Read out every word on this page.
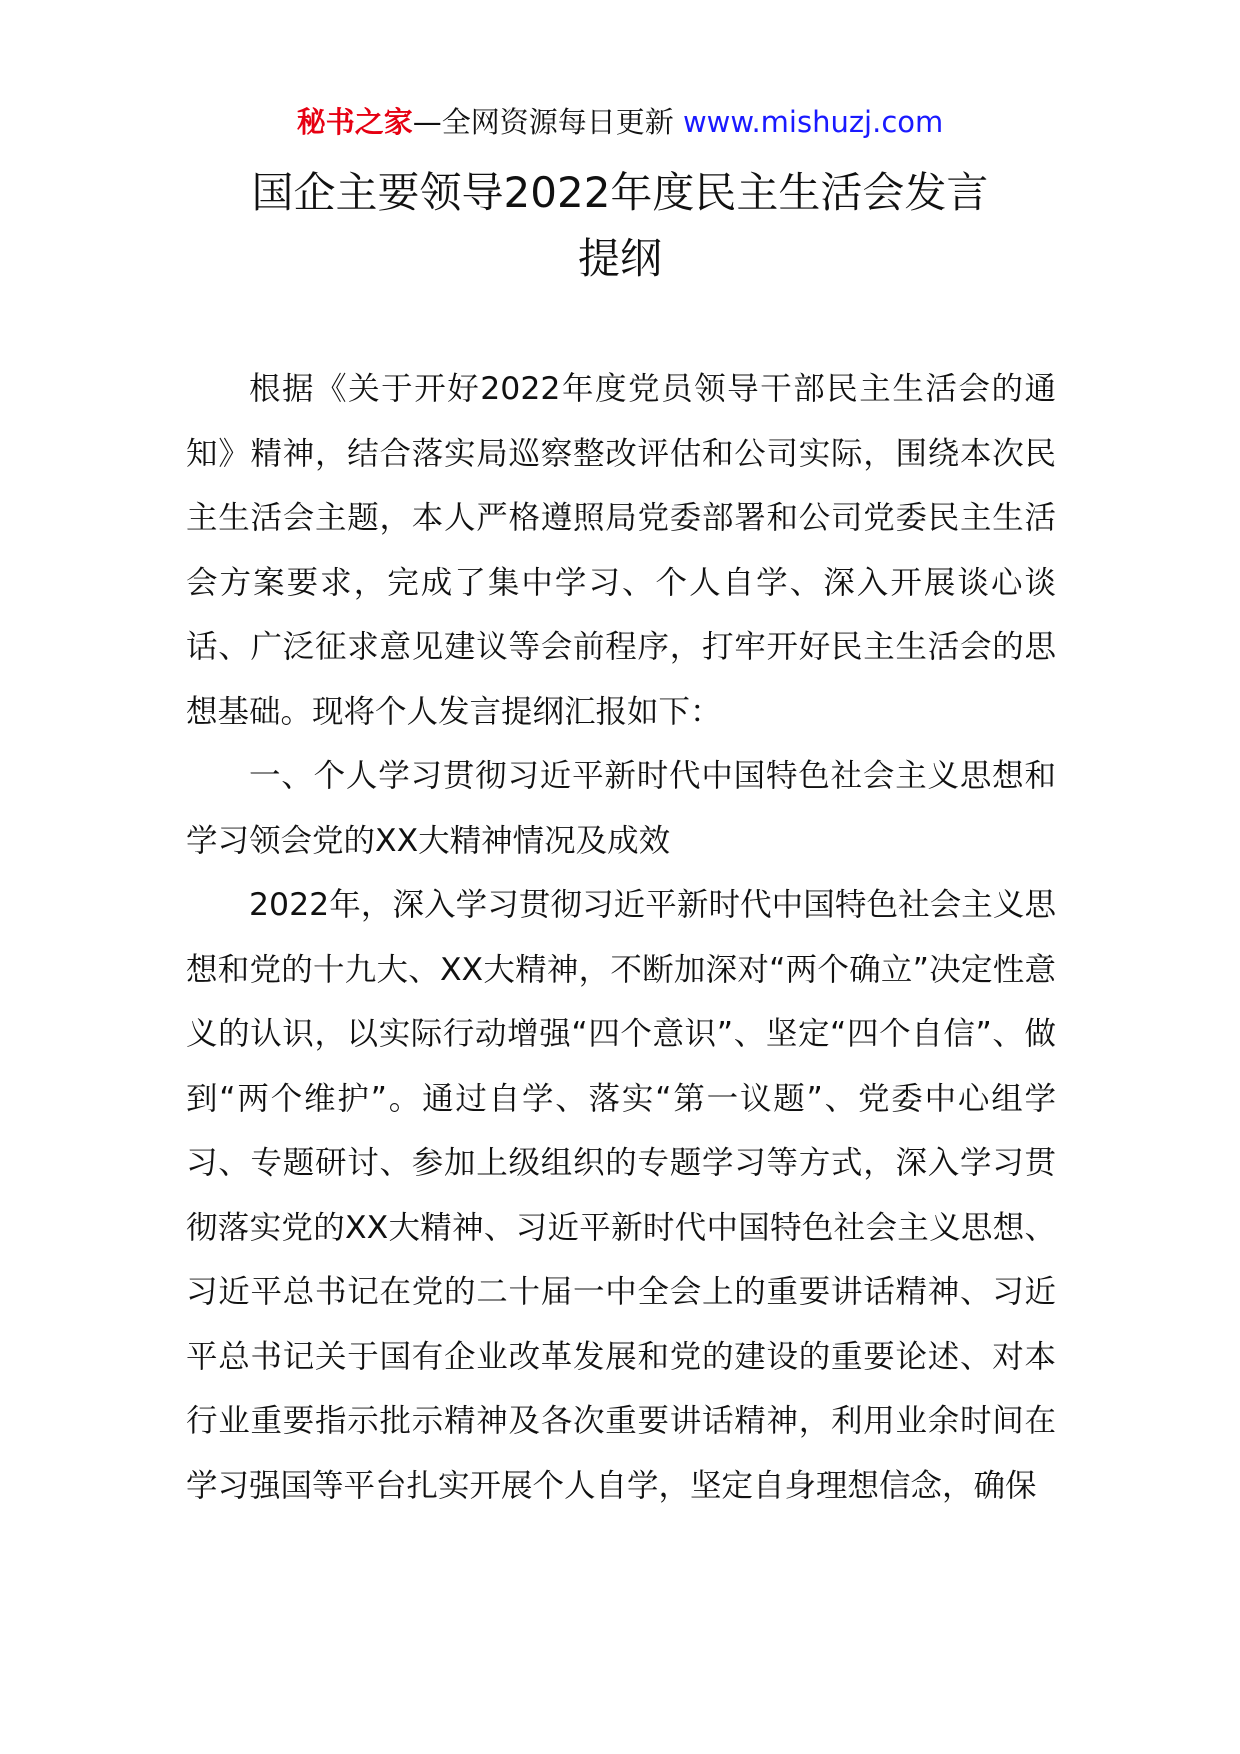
秘书之家—全网资源每日更新 www.mishuzj.com
国企主要领导2022年度民主生活会发言
提纲

根据《关于开好2022年度党员领导干部民主生活会的通知》精神，结合落实局巡察整改评估和公司实际，围绕本次民主生活会主题，本人严格遵照局党委部署和公司党委民主生活会方案要求，完成了集中学习、个人自学、深入开展谈心谈话、广泛征求意见建议等会前程序，打牢开好民主生活会的思想基础。现将个人发言提纲汇报如下：

一、个人学习贯彻习近平新时代中国特色社会主义思想和学习领会党的XX大精神情况及成效

2022年，深入学习贯彻习近平新时代中国特色社会主义思想和党的十九大、XX大精神，不断加深对“两个确立”决定性意义的认识，以实际行动增强“四个意识”、坚定“四个自信”、做到“两个维护”。通过自学、落实“第一议题”、党委中心组学习、专题研讨、参加上级组织的专题学习等方式，深入学习贯彻落实党的XX大精神、习近平新时代中国特色社会主义思想、习近平总书记在党的二十届一中全会上的重要讲话精神、习近平总书记关于国有企业改革发展和党的建设的重要论述、对本行业重要指示批示精神及各次重要讲话精神，利用业余时间在学习强国等平台扎实开展个人自学，坚定自身理想信念，确保
